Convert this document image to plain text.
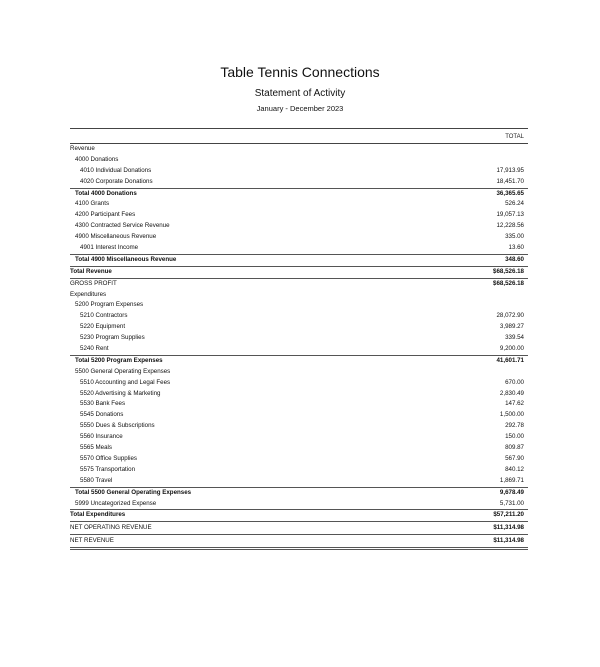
Table Tennis Connections
Statement of Activity
January - December 2023
TOTAL
Revenue
4000 Donations
4010 Individual Donations	17,913.95
4020 Corporate Donations	18,451.70
Total 4000 Donations	36,365.65
4100 Grants	526.24
4200 Participant Fees	19,057.13
4300 Contracted Service Revenue	12,228.56
4900 Miscellaneous Revenue	335.00
4901 Interest Income	13.60
Total 4900 Miscellaneous Revenue	348.60
Total Revenue	$68,526.18
GROSS PROFIT	$68,526.18
Expenditures
5200 Program Expenses
5210 Contractors	28,072.90
5220 Equipment	3,989.27
5230 Program Supplies	339.54
5240 Rent	9,200.00
Total 5200 Program Expenses	41,601.71
5500 General Operating Expenses
5510 Accounting and Legal Fees	670.00
5520 Advertising & Marketing	2,830.49
5530 Bank Fees	147.62
5545 Donations	1,500.00
5550 Dues & Subscriptions	292.78
5560 Insurance	150.00
5565 Meals	809.87
5570 Office Supplies	567.90
5575 Transportation	840.12
5580 Travel	1,869.71
Total 5500 General Operating Expenses	9,678.49
5999 Uncategorized Expense	5,731.00
Total Expenditures	$57,211.20
NET OPERATING REVENUE	$11,314.98
NET REVENUE	$11,314.98
